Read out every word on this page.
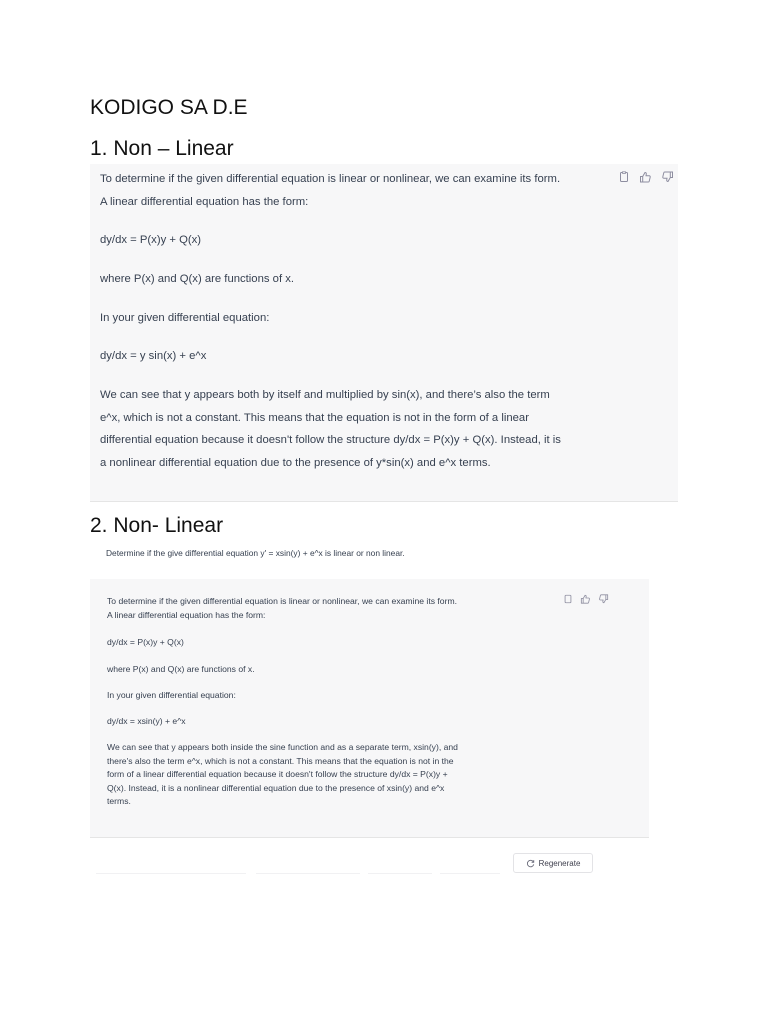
KODIGO SA D.E
1. Non – Linear

To determine if the given differential equation is linear or nonlinear, we can examine its form.
A linear differential equation has the form:

dy/dx = P(x)y + Q(x)

where P(x) and Q(x) are functions of x.

In your given differential equation:

dy/dx = y sin(x) + e^x

We can see that y appears both by itself and multiplied by sin(x), and there’s also the term
e^x, which is not a constant. This means that the equation is not in the form of a linear
differential equation because it doesn't follow the structure dy/dx = P(x)y + Q(x). Instead, it is
a nonlinear differential equation due to the presence of y*sin(x) and e^x terms.

2. Non- Linear

Determine if the give differential equation y' = xsin(y) + e^x is linear or non linear.

To determine if the given differential equation is linear or nonlinear, we can examine its form.
A linear differential equation has the form:

dy/dx = P(x)y + Q(x)

where P(x) and Q(x) are functions of x.

In your given differential equation:

dy/dx = xsin(y) + e^x

We can see that y appears both inside the sine function and as a separate term, xsin(y), and
there's also the term e^x, which is not a constant. This means that the equation is not in the
form of a linear differential equation because it doesn't follow the structure dy/dx = P(x)y +
Q(x). Instead, it is a nonlinear differential equation due to the presence of xsin(y) and e^x
terms.

Regenerate
